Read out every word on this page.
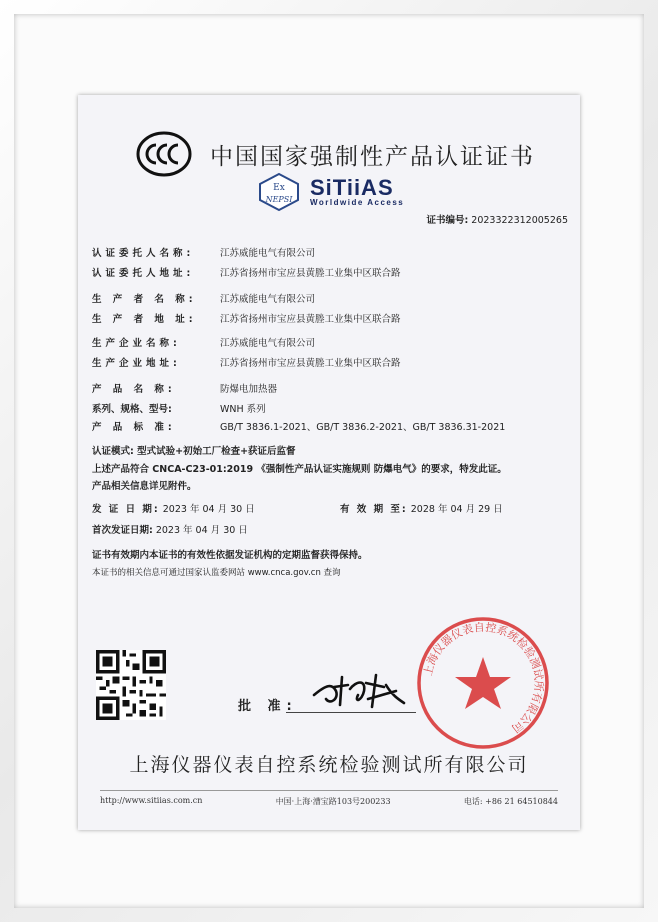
中国国家强制性产品认证证书
Ex
NEPSI SiTiiAS
Worldwide Access
证书编号: 2023322312005265
认证委托人名称:	江苏威能电气有限公司
认证委托人地址:	江苏省扬州市宝应县黄塍工业集中区联合路
生 产 者 名 称: 江苏威能电气有限公司
生 产 者 地 址: 江苏省扬州市宝应县黄塍工业集中区联合路
生产企业名称:	江苏威能电气有限公司
生产企业地址:	江苏省扬州市宝应县黄塍工业集中区联合路
产 品 名 称:	防爆电加热器
系列、规格、型号:	WNH 系列
产 品 标 准:	GB/T 3836.1-2021、GB/T 3836.2-2021、GB/T 3836.31-2021
认证模式: 型式试验+初始工厂检查+获证后监督
上述产品符合 CNCA-C23-01:2019 《强制性产品认证实施规则 防爆电气》的要求，特发此证。
产品相关信息详见附件。
发 证 日 期: 2023 年 04 月 30 日	有 效 期 至: 2028 年 04 月 29 日
首次发证日期: 2023 年 04 月 30 日
证书有效期内本证书的有效性依据发证机构的定期监督获得保持。
本证书的相关信息可通过国家认监委网站 www.cnca.gov.cn 查询
批 准:
上海仪器仪表自控系统检验测试所有限公司
上海仪器仪表自控系统检验测试所有限公司
http://www.sitiias.com.cn	中国·上海·漕宝路103号200233	电话: +86 21 64510844
